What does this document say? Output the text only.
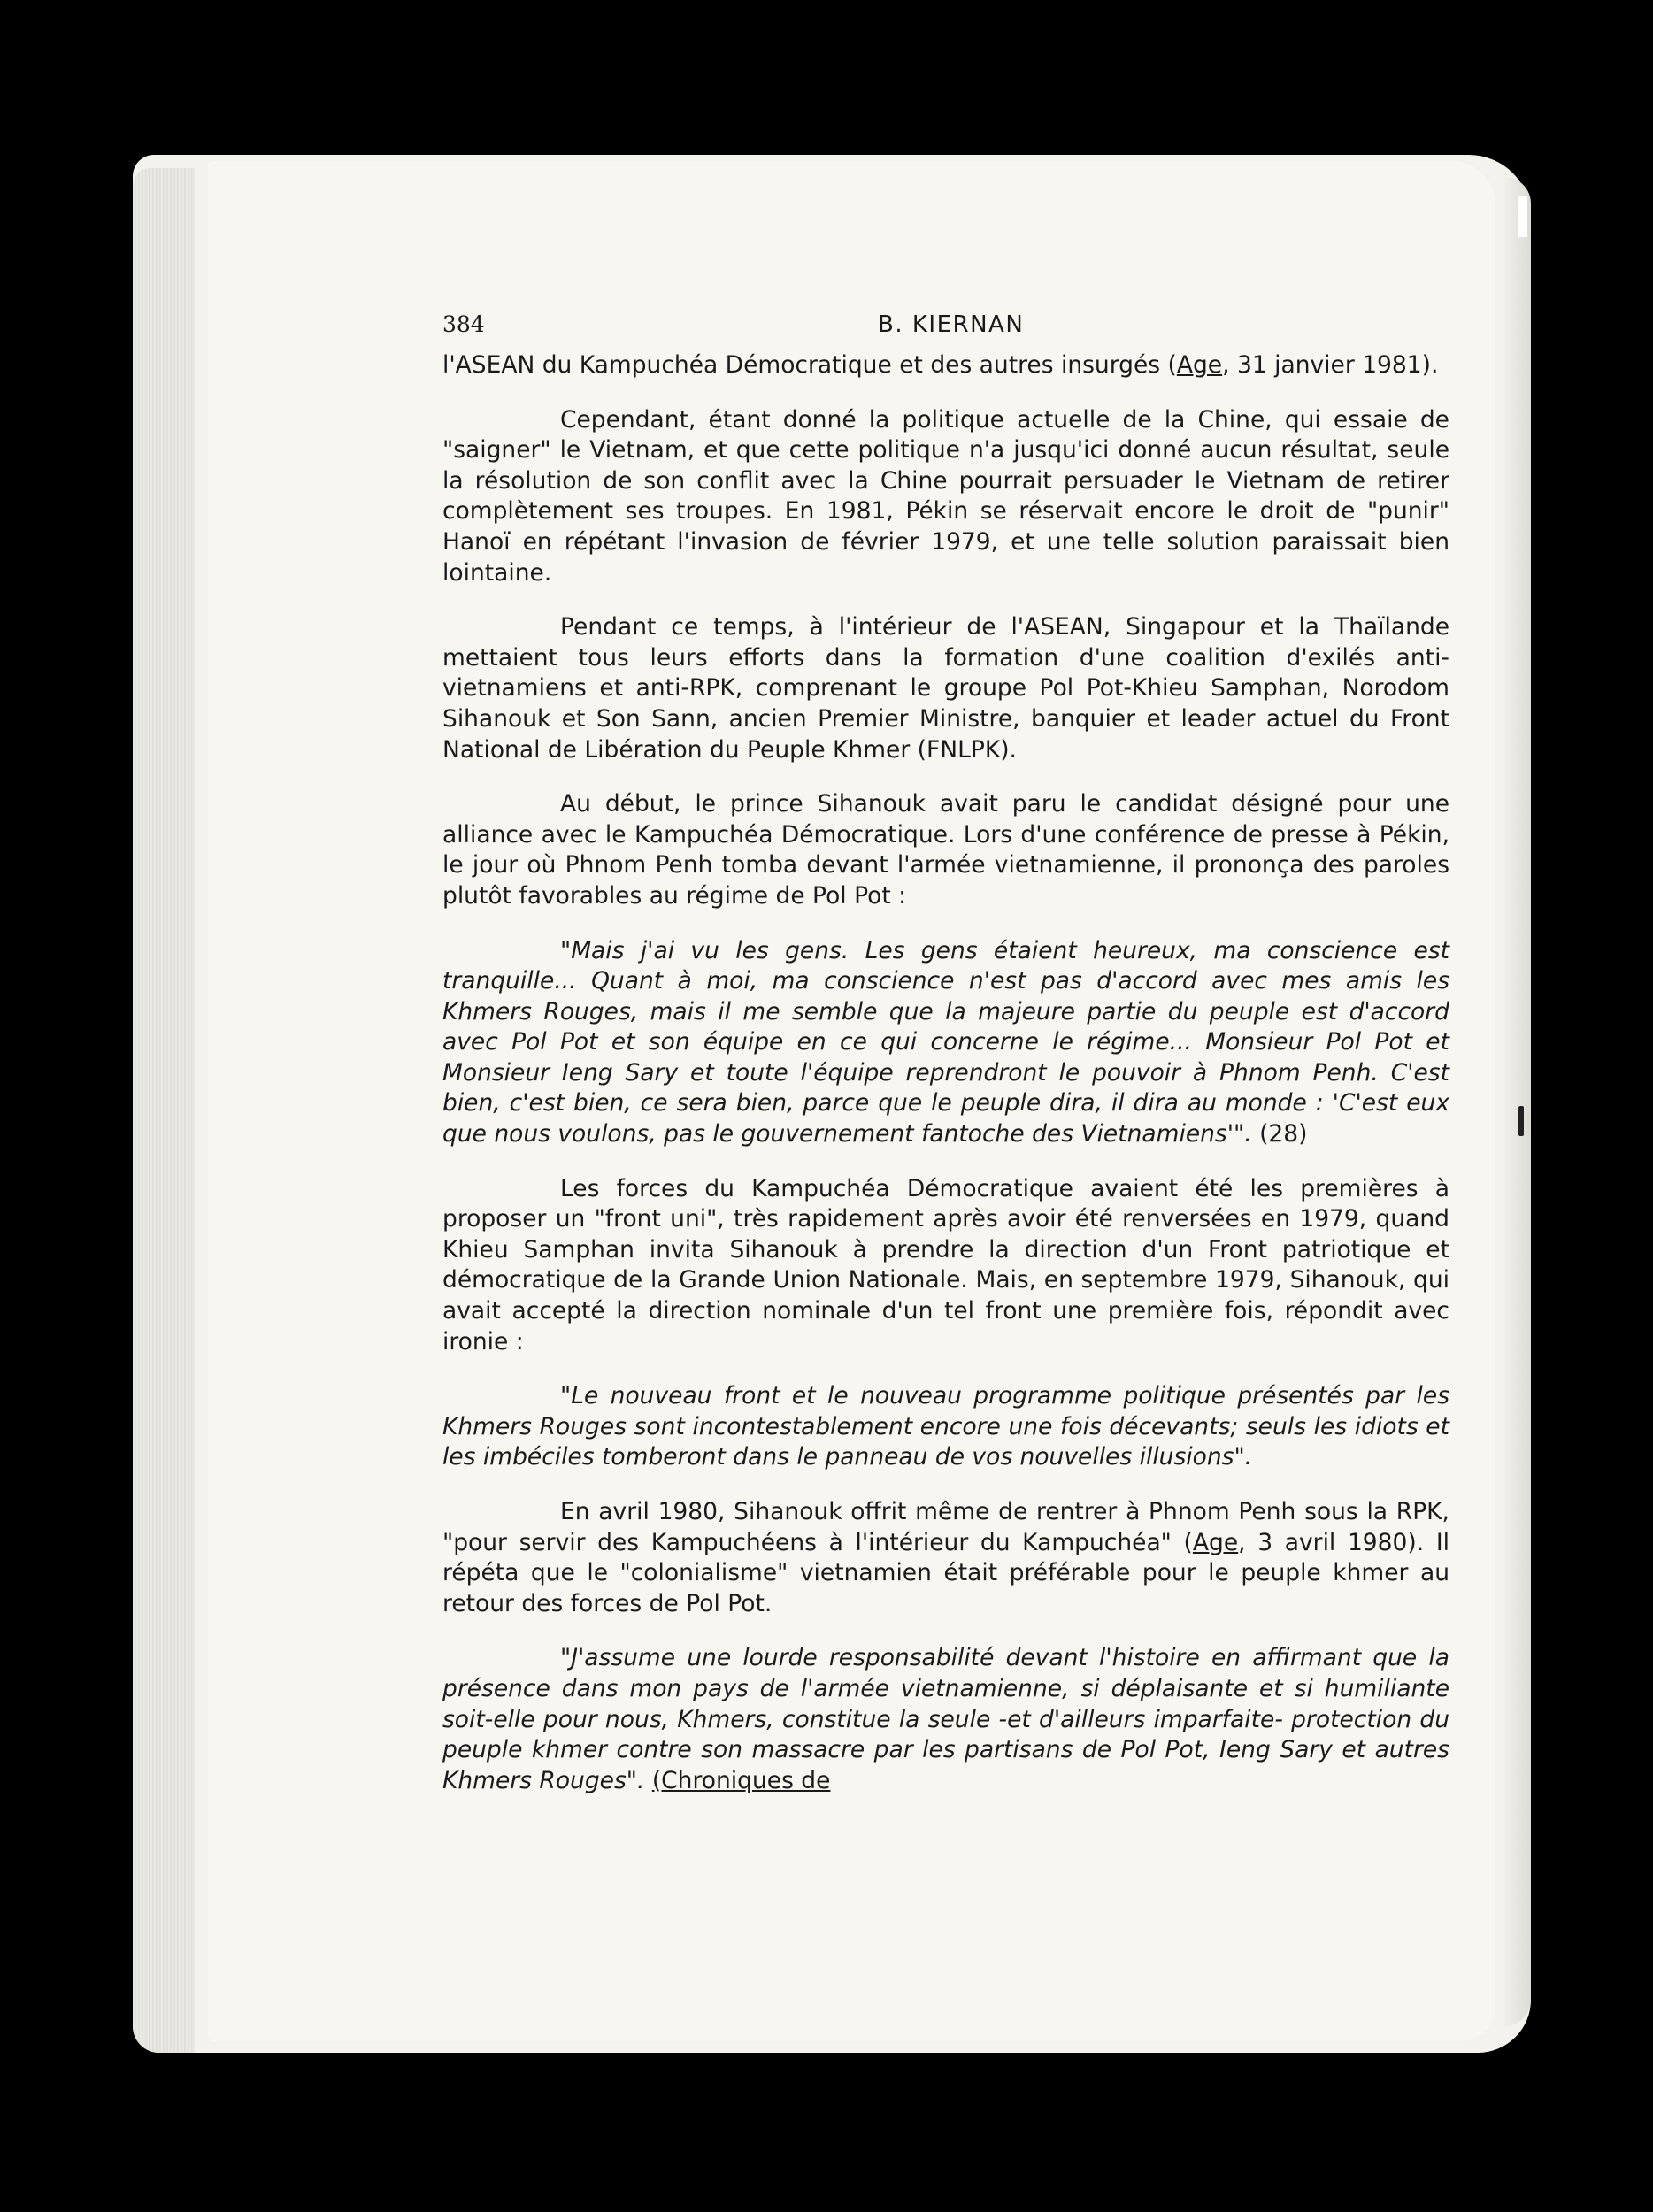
384	B. KIERNAN

l'ASEAN du Kampuchéa Démocratique et des autres insurgés (Age, 31 janvier 1981).

Cependant, étant donné la politique actuelle de la Chine, qui essaie de "saigner" le Vietnam, et que cette politique n'a jusqu'ici donné aucun résultat, seule la résolution de son conflit avec la Chine pourrait persuader le Vietnam de retirer complètement ses troupes. En 1981, Pékin se réservait encore le droit de "punir" Hanoï en répétant l'invasion de février 1979, et une telle solution paraissait bien lointaine.

Pendant ce temps, à l'intérieur de l'ASEAN, Singapour et la Thaïlande mettaient tous leurs efforts dans la formation d'une coalition d'exilés anti-vietnamiens et anti-RPK, comprenant le groupe Pol Pot-Khieu Samphan, Norodom Sihanouk et Son Sann, ancien Premier Ministre, banquier et leader actuel du Front National de Libération du Peuple Khmer (FNLPK).

Au début, le prince Sihanouk avait paru le candidat désigné pour une alliance avec le Kampuchéa Démocratique. Lors d'une conférence de presse à Pékin, le jour où Phnom Penh tomba devant l'armée vietnamienne, il prononça des paroles plutôt favorables au régime de Pol Pot :

"Mais j'ai vu les gens. Les gens étaient heureux, ma conscience est tranquille... Quant à moi, ma conscience n'est pas d'accord avec mes amis les Khmers Rouges, mais il me semble que la majeure partie du peuple est d'accord avec Pol Pot et son équipe en ce qui concerne le régime... Monsieur Pol Pot et Monsieur Ieng Sary et toute l'équipe reprendront le pouvoir à Phnom Penh. C'est bien, c'est bien, ce sera bien, parce que le peuple dira, il dira au monde : 'C'est eux que nous voulons, pas le gouvernement fantoche des Vietnamiens'". (28)

Les forces du Kampuchéa Démocratique avaient été les premières à proposer un "front uni", très rapidement après avoir été renversées en 1979, quand Khieu Samphan invita Sihanouk à prendre la direction d'un Front patriotique et démocratique de la Grande Union Nationale. Mais, en septembre 1979, Sihanouk, qui avait accepté la direction nominale d'un tel front une première fois, répondit avec ironie :

"Le nouveau front et le nouveau programme politique présentés par les Khmers Rouges sont incontestablement encore une fois décevants; seuls les idiots et les imbéciles tomberont dans le panneau de vos nouvelles illusions".

En avril 1980, Sihanouk offrit même de rentrer à Phnom Penh sous la RPK, "pour servir des Kampuchéens à l'intérieur du Kampuchéa" (Age, 3 avril 1980). Il répéta que le "colonialisme" vietnamien était préférable pour le peuple khmer au retour des forces de Pol Pot.

"J'assume une lourde responsabilité devant l'histoire en affirmant que la présence dans mon pays de l'armée vietnamienne, si déplaisante et si humiliante soit-elle pour nous, Khmers, constitue la seule -et d'ailleurs imparfaite- protection du peuple khmer contre son massacre par les partisans de Pol Pot, Ieng Sary et autres Khmers Rouges". (Chroniques de
